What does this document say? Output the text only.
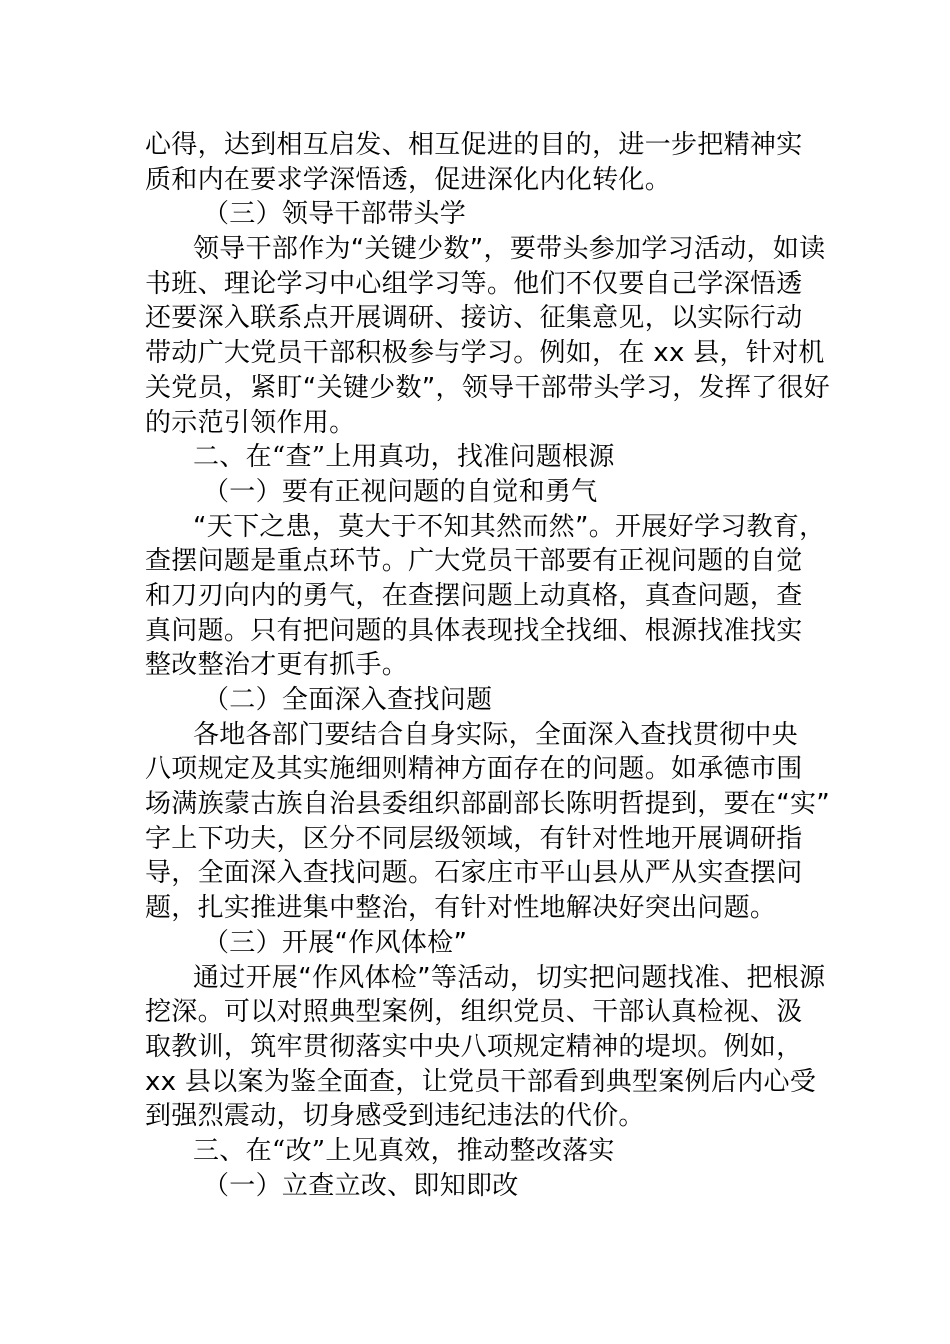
心得，达到相互启发、相互促进的目的，进一步把精神实
质和内在要求学深悟透，促进深化内化转化。
（三）领导干部带头学
领导干部作为“关键少数”，要带头参加学习活动，如读
书班、理论学习中心组学习等。他们不仅要自己学深悟透
还要深入联系点开展调研、接访、征集意见，以实际行动
带动广大党员干部积极参与学习。例如，在 xx 县，针对机
关党员，紧盯“关键少数”，领导干部带头学习，发挥了很好
的示范引领作用。
二、在“查”上用真功，找准问题根源
（一）要有正视问题的自觉和勇气
“天下之患，莫大于不知其然而然”。开展好学习教育，
查摆问题是重点环节。广大党员干部要有正视问题的自觉
和刀刃向内的勇气，在查摆问题上动真格，真查问题，查
真问题。只有把问题的具体表现找全找细、根源找准找实
整改整治才更有抓手。
（二）全面深入查找问题
各地各部门要结合自身实际，全面深入查找贯彻中央
八项规定及其实施细则精神方面存在的问题。如承德市围
场满族蒙古族自治县委组织部副部长陈明哲提到，要在“实”
字上下功夫，区分不同层级领域，有针对性地开展调研指
导，全面深入查找问题。石家庄市平山县从严从实查摆问
题，扎实推进集中整治，有针对性地解决好突出问题。
（三）开展“作风体检”
通过开展“作风体检”等活动，切实把问题找准、把根源
挖深。可以对照典型案例，组织党员、干部认真检视、汲
取教训，筑牢贯彻落实中央八项规定精神的堤坝。例如，
xx 县以案为鉴全面查，让党员干部看到典型案例后内心受
到强烈震动，切身感受到违纪违法的代价。
三、在“改”上见真效，推动整改落实
（一）立查立改、即知即改
